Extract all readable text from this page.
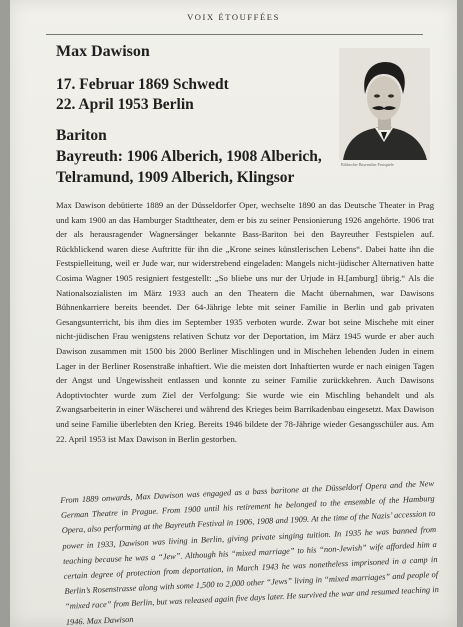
VOIX ÉTOUFFÉES
Max Dawison
17. Februar 1869 Schwedt
22. April 1953 Berlin
Bariton
Bayreuth: 1906 Alberich, 1908 Alberich, Telramund, 1909 Alberich, Klingsor
Bildarchiv Bayreuther Festspiele

Max Dawison debütierte 1889 an der Düsseldorfer Oper, wechselte 1890 an das Deutsche Theater in Prag und kam 1900 an das Hamburger Stadttheater, dem er bis zu seiner Pensionierung 1926 angehörte. 1906 trat der als herausragender Wagnersänger bekannte Bass-Bariton bei den Bayreuther Festspielen auf. Rückblickend waren diese Auftritte für ihn die „Krone seines künstlerischen Lebens“. Dabei hatte ihn die Festspielleitung, weil er Jude war, nur widerstrebend eingeladen: Mangels nicht-jüdischer Alternativen hatte Cosima Wagner 1905 resigniert festgestellt: „So bliebe uns nur der Urjude in H.[amburg] übrig.“ Als die Nationalsozialisten im März 1933 auch an den Theatern die Macht übernahmen, war Dawisons Bühnenkarriere bereits beendet. Der 64-Jährige lebte mit seiner Familie in Berlin und gab privaten Gesangsunterricht, bis ihm dies im September 1935 verboten wurde. Zwar bot seine Mischehe mit einer nicht-jüdischen Frau wenigstens relativen Schutz vor der Deportation, im März 1945 wurde er aber auch Dawison zusammen mit 1500 bis 2000 Berliner Mischlingen und in Mischehen lebenden Juden in einem Lager in der Berliner Rosenstraße inhaftiert. Wie die meisten dort Inhaftierten wurde er nach einigen Tagen der Angst und Ungewissheit entlassen und konnte zu seiner Familie zurückkehren. Auch Dawisons Adoptivtochter wurde zum Ziel der Verfolgung: Sie wurde wie ein Mischling behandelt und als Zwangsarbeiterin in einer Wäscherei und während des Krieges beim Barrikadenbau eingesetzt. Max Dawison und seine Familie überlebten den Krieg. Bereits 1946 bildete der 78-Jährige wieder Gesangsschüler aus. Am 22. April 1953 ist Max Dawison in Berlin gestorben.

From 1889 onwards, Max Dawison was engaged as a bass baritone at the Düsseldorf Opera and the New German Theatre in Prague. From 1900 until his retirement he belonged to the ensemble of the Hamburg Opera, also performing at the Bayreuth Festival in 1906, 1908 and 1909. At the time of the Nazis’ accession to power in 1933, Dawison was living in Berlin, giving private singing tuition. In 1935 he was banned from teaching because he was a “Jew”. Although his “mixed marriage” to his “non-Jewish” wife afforded him a certain degree of protection from deportation, in March 1943 he was nonetheless imprisoned in a camp in Berlin’s Rosenstrasse along with some 1,500 to 2,000 other “Jews” living in “mixed marriages” and people of “mixed race” from Berlin, but was released again five days later. He survived the war and resumed teaching in 1946. Max Dawison
